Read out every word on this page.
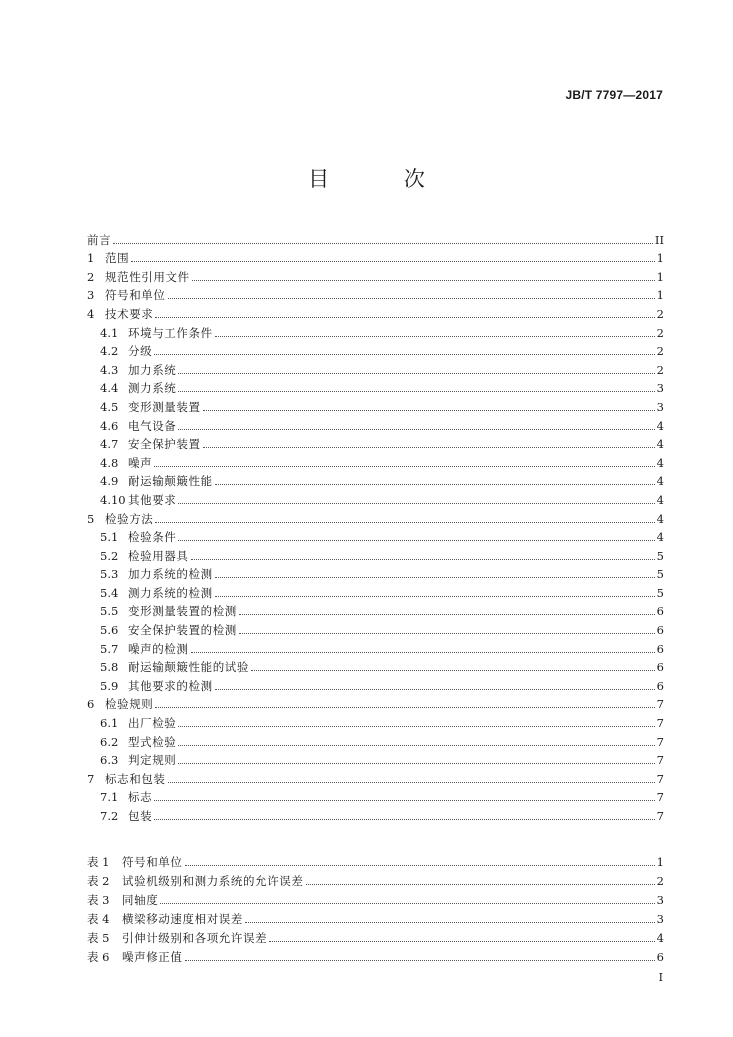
JB/T 7797—2017
目 次
前言	II
1 范围	1
2 规范性引用文件	1
3 符号和单位	1
4 技术要求	2
4.1 环境与工作条件	2
4.2 分级	2
4.3 加力系统	2
4.4 测力系统	3
4.5 变形测量装置	3
4.6 电气设备	4
4.7 安全保护装置	4
4.8 噪声	4
4.9 耐运输颠簸性能	4
4.10 其他要求	4
5 检验方法	4
5.1 检验条件	4
5.2 检验用器具	5
5.3 加力系统的检测	5
5.4 测力系统的检测	5
5.5 变形测量装置的检测	6
5.6 安全保护装置的检测	6
5.7 噪声的检测	6
5.8 耐运输颠簸性能的试验	6
5.9 其他要求的检测	6
6 检验规则	7
6.1 出厂检验	7
6.2 型式检验	7
6.3 判定规则	7
7 标志和包装	7
7.1 标志	7
7.2 包装	7
表 1	符号和单位	1
表 2	试验机级别和测力系统的允许误差	2
表 3	同轴度	3
表 4	横梁移动速度相对误差	3
表 5	引伸计级别和各项允许误差	4
表 6	噪声修正值	6
I
